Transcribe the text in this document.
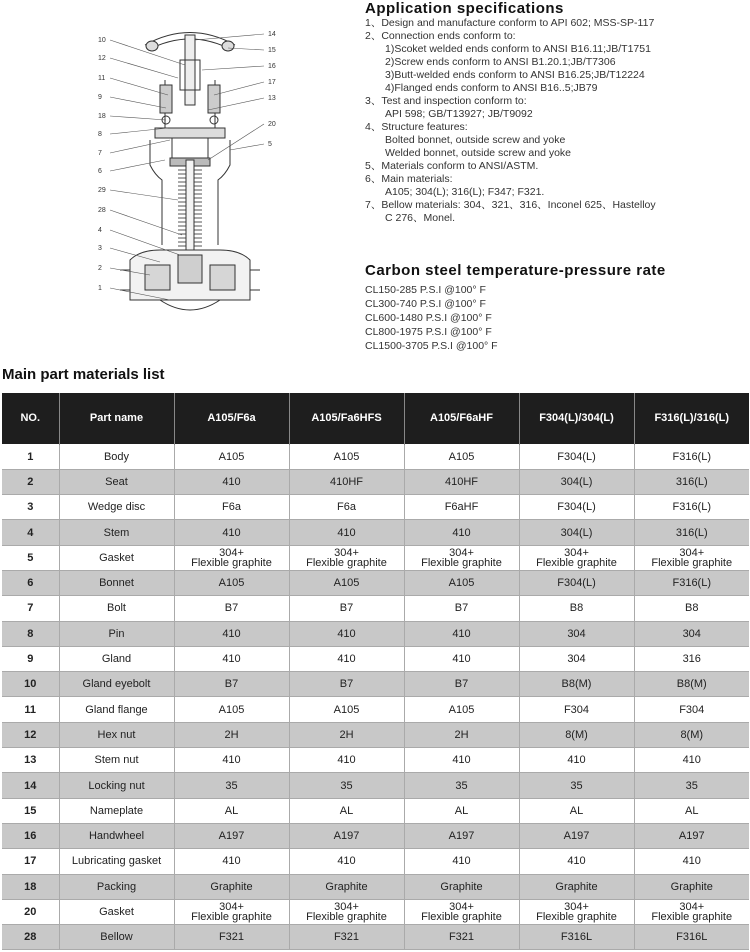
10
12
11
9
18
8
7
6
29
28
4
3
2
1
14
15
16
17
13
20
5
Application specifications
1、Design and manufacture conform to API 602; MSS-SP-117
2、Connection ends conform to:
1)Scoket welded ends conform to ANSI B16.11;JB/T1751
2)Screw ends conform to ANSI B1.20.1;JB/T7306
3)Butt-welded ends conform to ANSI B16.25;JB/T12224
4)Flanged ends conform to ANSI B16..5;JB79
3、Test and inspection conform to:
API 598; GB/T13927; JB/T9092
4、Structure features:
Bolted bonnet, outside screw and yoke
Welded bonnet, outside screw and yoke
5、Materials conform to ANSI/ASTM.
6、Main materials:
A105; 304(L); 316(L); F347; F321.
7、Bellow materials: 304、321、316、Inconel 625、Hastelloy
C 276、Monel.
Carbon steel temperature-pressure rate
CL150-285 P.S.I @100° F
CL300-740 P.S.I @100° F
CL600-1480 P.S.I @100° F
CL800-1975 P.S.I @100° F
CL1500-3705 P.S.I @100° F
Main part materials list
NO.	Part name	A105/F6a	A105/Fa6HFS	A105/F6aHF	F304(L)/304(L)	F316(L)/316(L)
1	Body	A105	A105	A105	F304(L)	F316(L)
2	Seat	410	410HF	410HF	304(L)	316(L)
3	Wedge disc	F6a	F6a	F6aHF	F304(L)	F316(L)
4	Stem	410	410	410	304(L)	316(L)
5	Gasket	304+
Flexible graphite	304+
Flexible graphite	304+
Flexible graphite	304+
Flexible graphite	304+
Flexible graphite

6	Bonnet	A105	A105	A105	F304(L)	F316(L)
7	Bolt	B7	B7	B7	B8	B8
8	Pin	410	410	410	304	304
9	Gland	410	410	410	304	316
10	Gland eyebolt	B7	B7	B7	B8(M)	B8(M)
11	Gland flange	A105	A105	A105	F304	F304
12	Hex nut	2H	2H	2H	8(M)	8(M)
13	Stem nut	410	410	410	410	410
14	Locking nut	35	35	35	35	35
15	Nameplate	AL	AL	AL	AL	AL
16	Handwheel	A197	A197	A197	A197	A197
17	Lubricating gasket	410	410	410	410	410
18	Packing	Graphite	Graphite	Graphite	Graphite	Graphite
20	Gasket	304+
Flexible graphite	304+
Flexible graphite	304+
Flexible graphite	304+
Flexible graphite	304+
Flexible graphite

28	Bellow	F321	F321	F321	F316L	F316L
